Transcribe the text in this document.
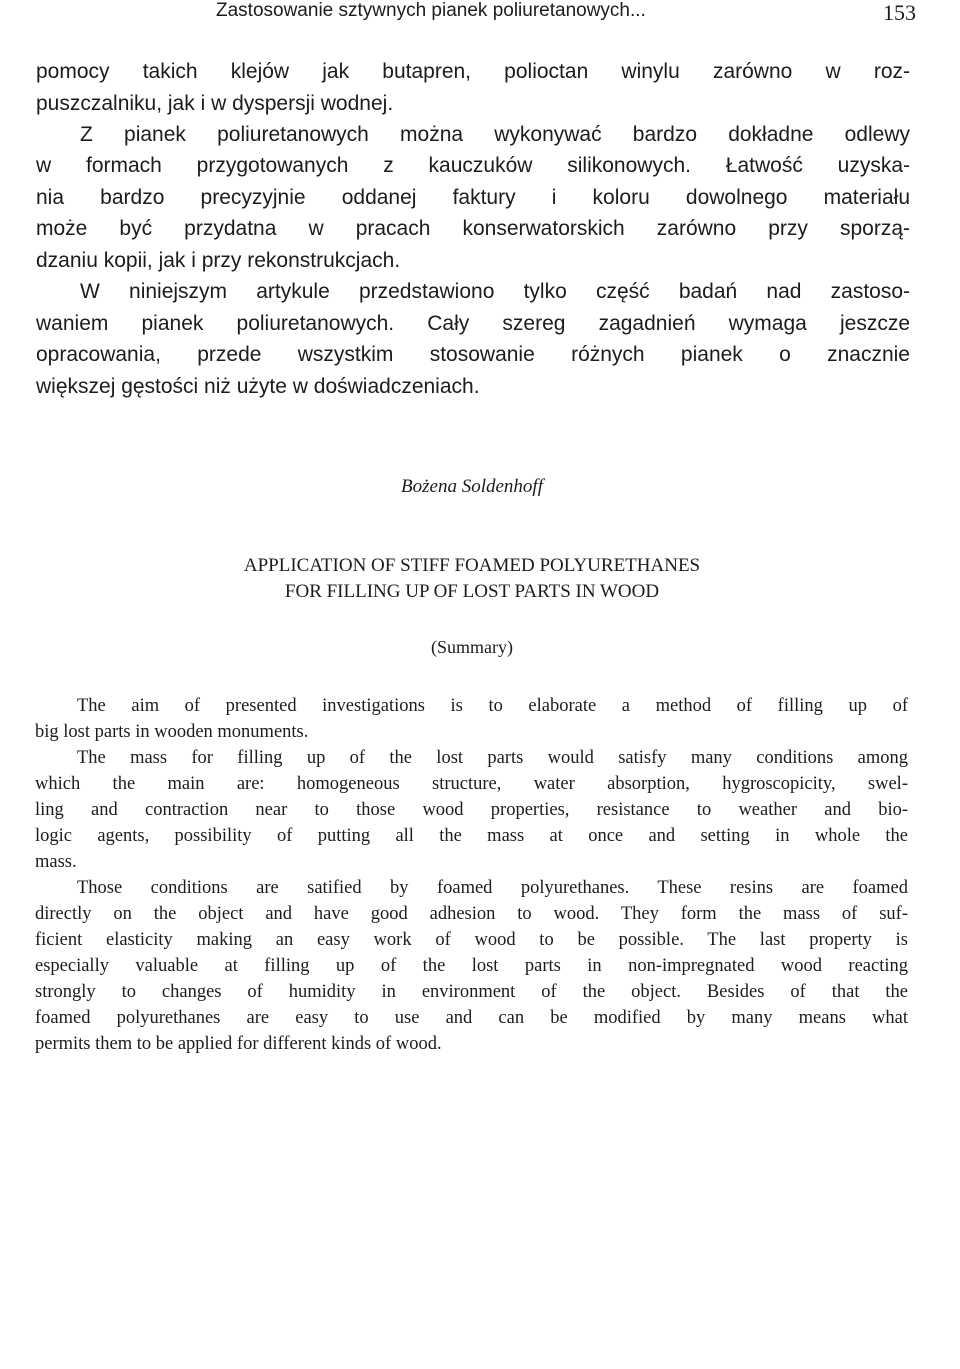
Zastosowanie sztywnych pianek poliuretanowych...	153

pomocy takich klejów jak butapren, polioctan winylu zarówno w roz-

puszczalniku, jak i w dyspersji wodnej.

Z pianek poliuretanowych można wykonywać bardzo dokładne odlewy

w formach przygotowanych z kauczuków silikonowych. Łatwość uzyska-

nia bardzo precyzyjnie oddanej faktury i koloru dowolnego materiału

może być przydatna w pracach konserwatorskich zarówno przy sporzą-

dzaniu kopii, jak i przy rekonstrukcjach.

W niniejszym artykule przedstawiono tylko część badań nad zastoso-

waniem pianek poliuretanowych. Cały szereg zagadnień wymaga jeszcze

opracowania, przede wszystkim stosowanie różnych pianek o znacznie

większej gęstości niż użyte w doświadczeniach.

Bożena Soldenhoff

APPLICATION OF STIFF FOAMED POLYURETHANES
FOR FILLING UP OF LOST PARTS IN WOOD

(Summary)

The aim of presented investigations is to elaborate a method of filling up of

big lost parts in wooden monuments.

The mass for filling up of the lost parts would satisfy many conditions among

which the main are: homogeneous structure, water absorption, hygroscopicity, swel-

ling and contraction near to those wood properties, resistance to weather and bio-

logic agents, possibility of putting all the mass at once and setting in whole the

mass.

Those conditions are satified by foamed polyurethanes. These resins are foamed

directly on the object and have good adhesion to wood. They form the mass of suf-

ficient elasticity making an easy work of wood to be possible. The last property is

especially valuable at filling up of the lost parts in non-impregnated wood reacting

strongly to changes of humidity in environment of the object. Besides of that the

foamed polyurethanes are easy to use and can be modified by many means what

permits them to be applied for different kinds of wood.
